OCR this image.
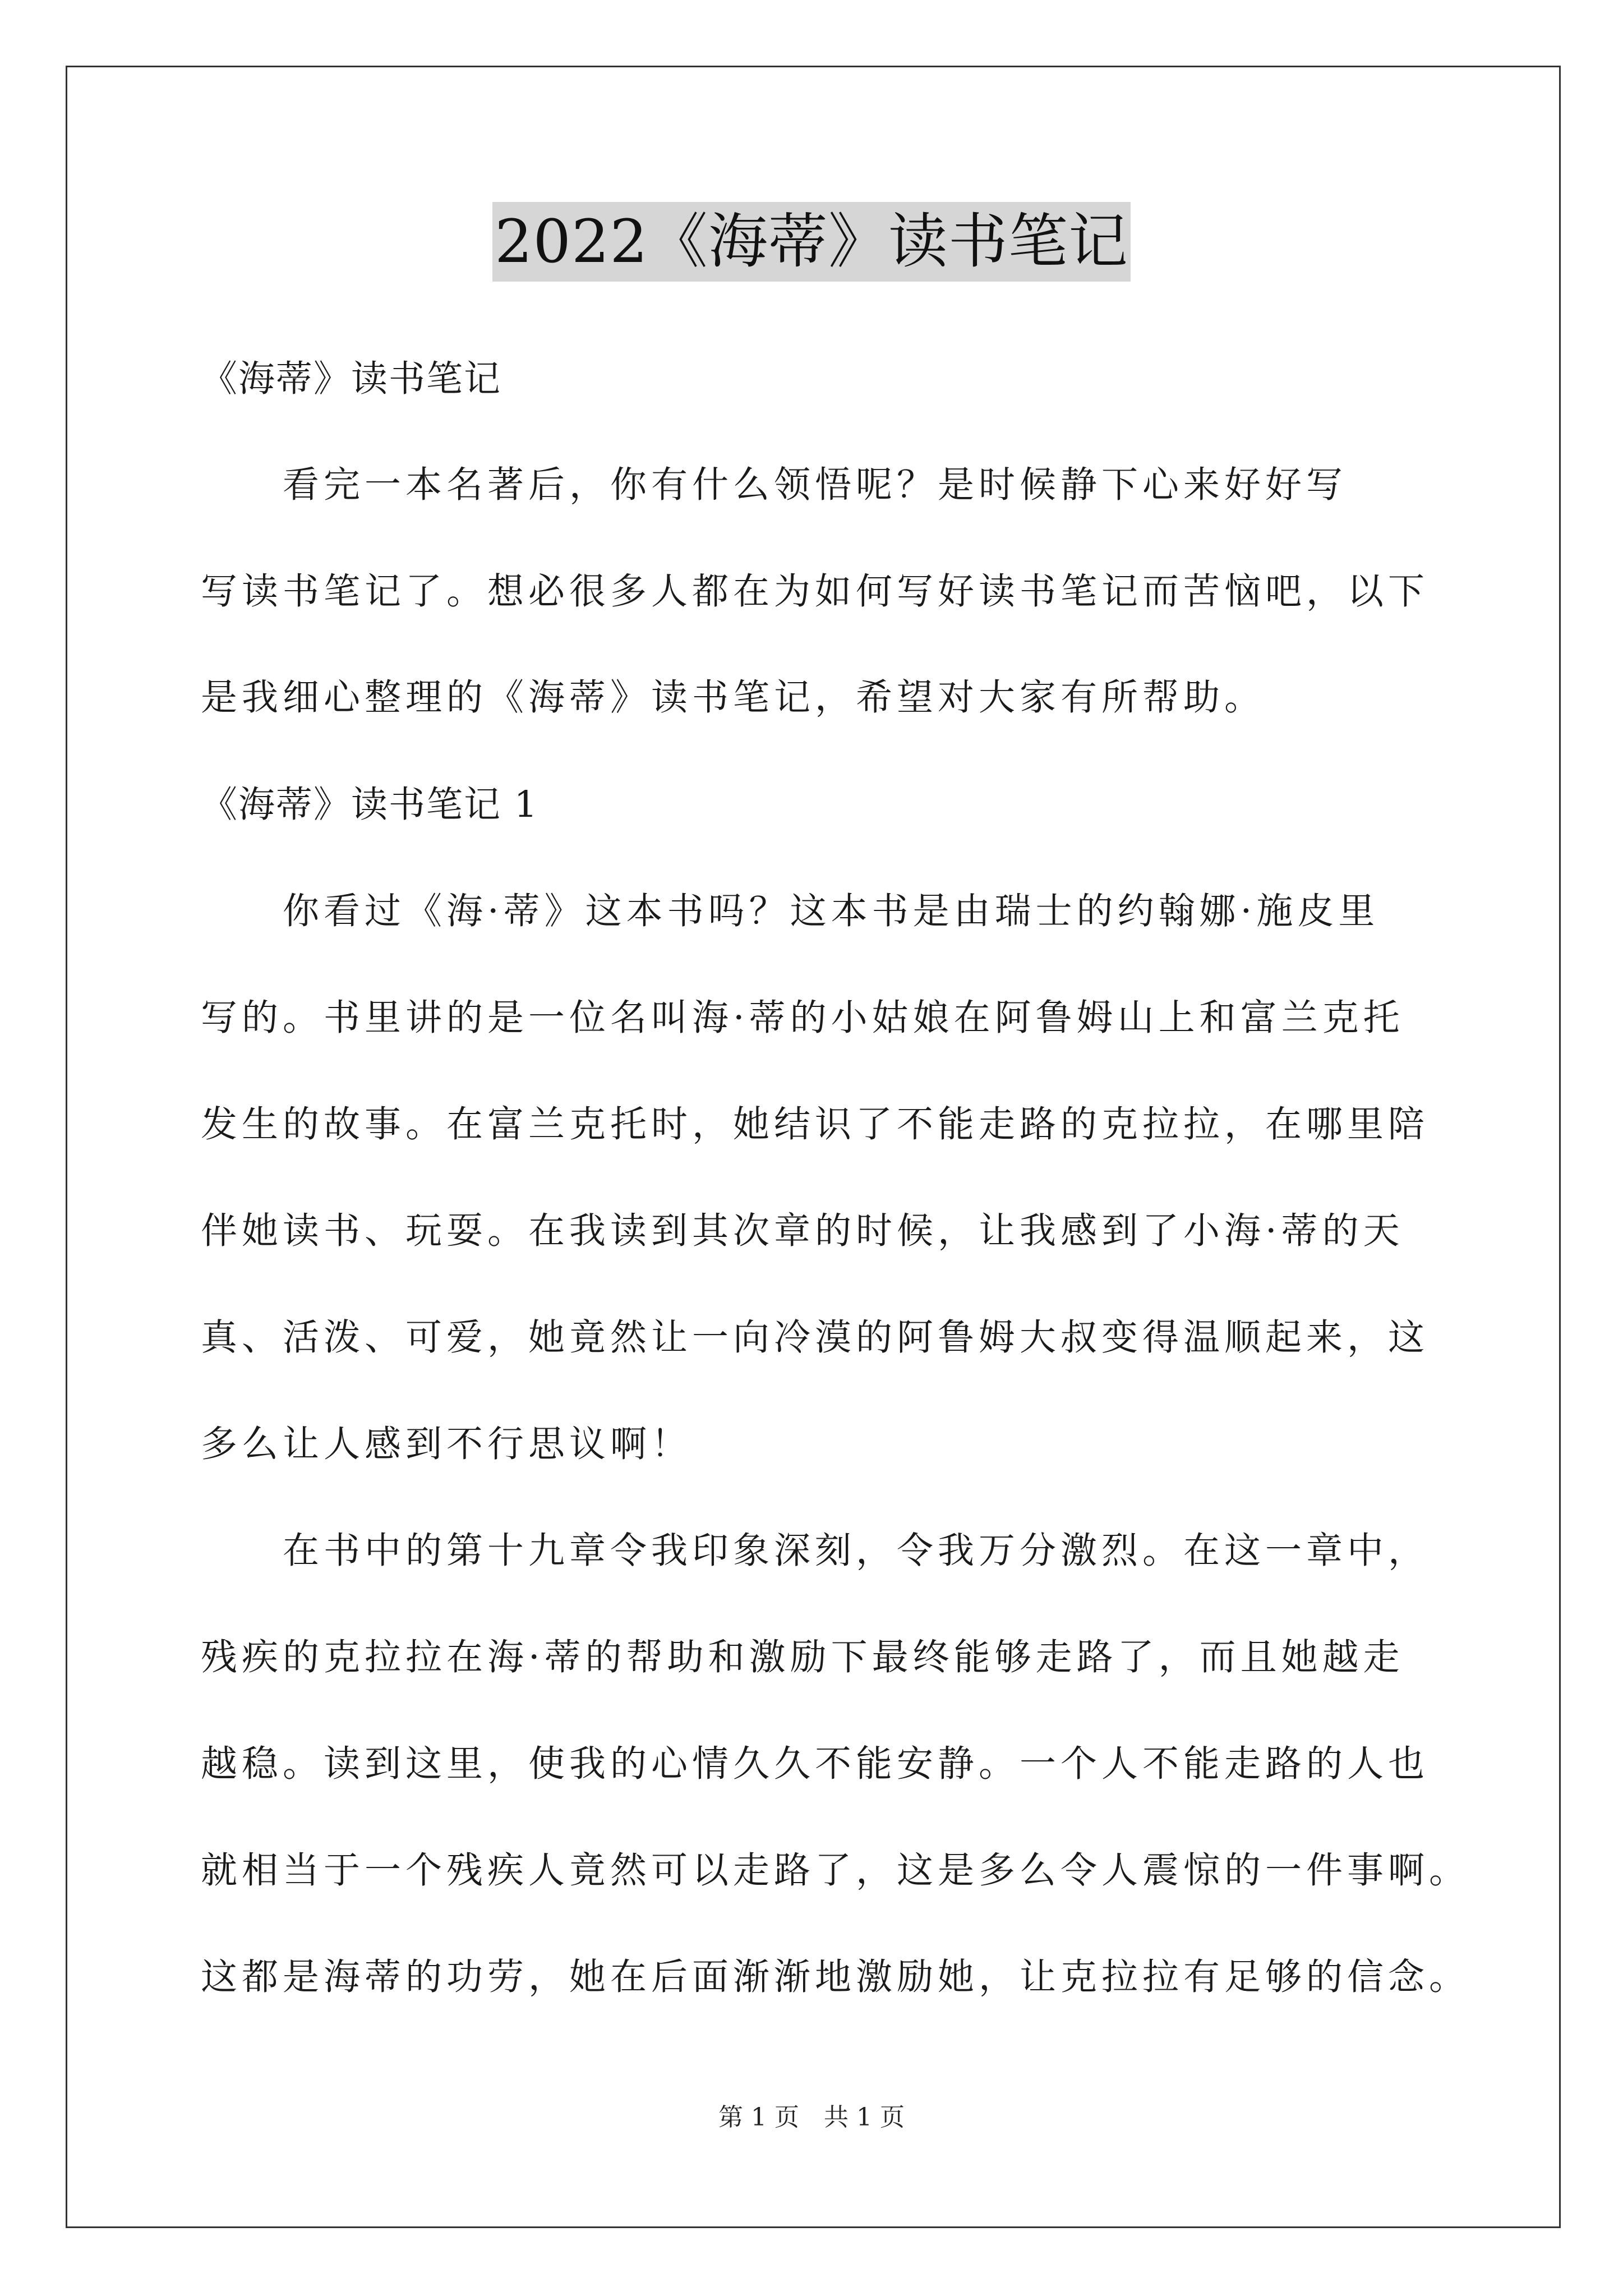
2022《海蒂》读书笔记
《海蒂》读书笔记
　　看完一本名著后，你有什么领悟呢？是时候静下心来好好写
写读书笔记了。想必很多人都在为如何写好读书笔记而苦恼吧，以下
是我细心整理的《海蒂》读书笔记，希望对大家有所帮助。
《海蒂》读书笔记 1
　　你看过《海·蒂》这本书吗？这本书是由瑞士的约翰娜·施皮里
写的。书里讲的是一位名叫海·蒂的小姑娘在阿鲁姆山上和富兰克托
发生的故事。在富兰克托时，她结识了不能走路的克拉拉，在哪里陪
伴她读书、玩耍。在我读到其次章的时候，让我感到了小海·蒂的天
真、活泼、可爱，她竟然让一向冷漠的阿鲁姆大叔变得温顺起来，这
多么让人感到不行思议啊！
　　在书中的第十九章令我印象深刻，令我万分激烈。在这一章中，
残疾的克拉拉在海·蒂的帮助和激励下最终能够走路了，而且她越走
越稳。读到这里，使我的心情久久不能安静。一个人不能走路的人也
就相当于一个残疾人竟然可以走路了，这是多么令人震惊的一件事啊。
这都是海蒂的功劳，她在后面渐渐地激励她，让克拉拉有足够的信念。
第 1 页　共 1 页
